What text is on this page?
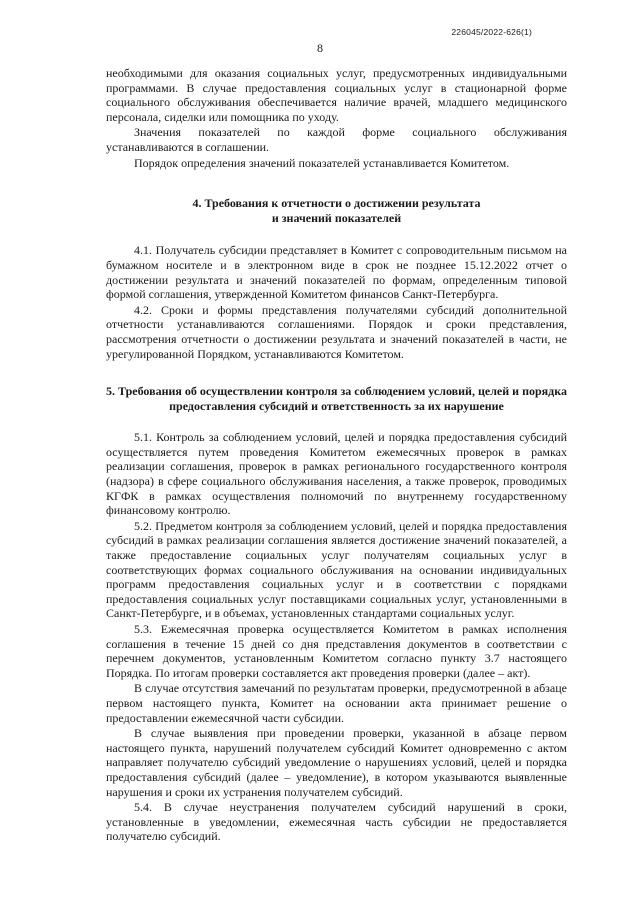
226045/2022-626(1)
8

необходимыми для оказания социальных услуг, предусмотренных индивидуальными программами. В случае предоставления социальных услуг в стационарной форме социального обслуживания обеспечивается наличие врачей, младшего медицинского персонала, сиделки или помощника по уходу.

Значения показателей по каждой форме социального обслуживания устанавливаются в соглашении.

Порядок определения значений показателей устанавливается Комитетом.

4. Требования к отчетности о достижении результата
и значений показателей

4.1. Получатель субсидии представляет в Комитет с сопроводительным письмом на бумажном носителе и в электронном виде в срок не позднее 15.12.2022 отчет о достижении результата и значений показателей по формам, определенным типовой формой соглашения, утвержденной Комитетом финансов Санкт-Петербурга.

4.2. Сроки и формы представления получателями субсидий дополнительной отчетности устанавливаются соглашениями. Порядок и сроки представления, рассмотрения отчетности о достижении результата и значений показателей в части, не урегулированной Порядком, устанавливаются Комитетом.

5. Требования об осуществлении контроля за соблюдением условий, целей и порядка
предоставления субсидий и ответственность за их нарушение

5.1. Контроль за соблюдением условий, целей и порядка предоставления субсидий осуществляется путем проведения Комитетом ежемесячных проверок в рамках реализации соглашения, проверок в рамках регионального государственного контроля (надзора) в сфере социального обслуживания населения, а также проверок, проводимых КГФК в рамках осуществления полномочий по внутреннему государственному финансовому контролю.

5.2. Предметом контроля за соблюдением условий, целей и порядка предоставления субсидий в рамках реализации соглашения является достижение значений показателей, а также предоставление социальных услуг получателям социальных услуг в соответствующих формах социального обслуживания на основании индивидуальных программ предоставления социальных услуг и в соответствии с порядками предоставления социальных услуг поставщиками социальных услуг, установленными в Санкт-Петербурге, и в объемах, установленных стандартами социальных услуг.

5.3. Ежемесячная проверка осуществляется Комитетом в рамках исполнения соглашения в течение 15 дней со дня представления документов в соответствии с перечнем документов, установленным Комитетом согласно пункту 3.7 настоящего Порядка. По итогам проверки составляется акт проведения проверки (далее – акт).

В случае отсутствия замечаний по результатам проверки, предусмотренной в абзаце первом настоящего пункта, Комитет на основании акта принимает решение о предоставлении ежемесячной части субсидии.

В случае выявления при проведении проверки, указанной в абзаце первом настоящего пункта, нарушений получателем субсидий Комитет одновременно с актом направляет получателю субсидий уведомление о нарушениях условий, целей и порядка предоставления субсидий (далее – уведомление), в котором указываются выявленные нарушения и сроки их устранения получателем субсидий.

5.4. В случае неустранения получателем субсидий нарушений в сроки, установленные в уведомлении, ежемесячная часть субсидии не предоставляется получателю субсидий.
